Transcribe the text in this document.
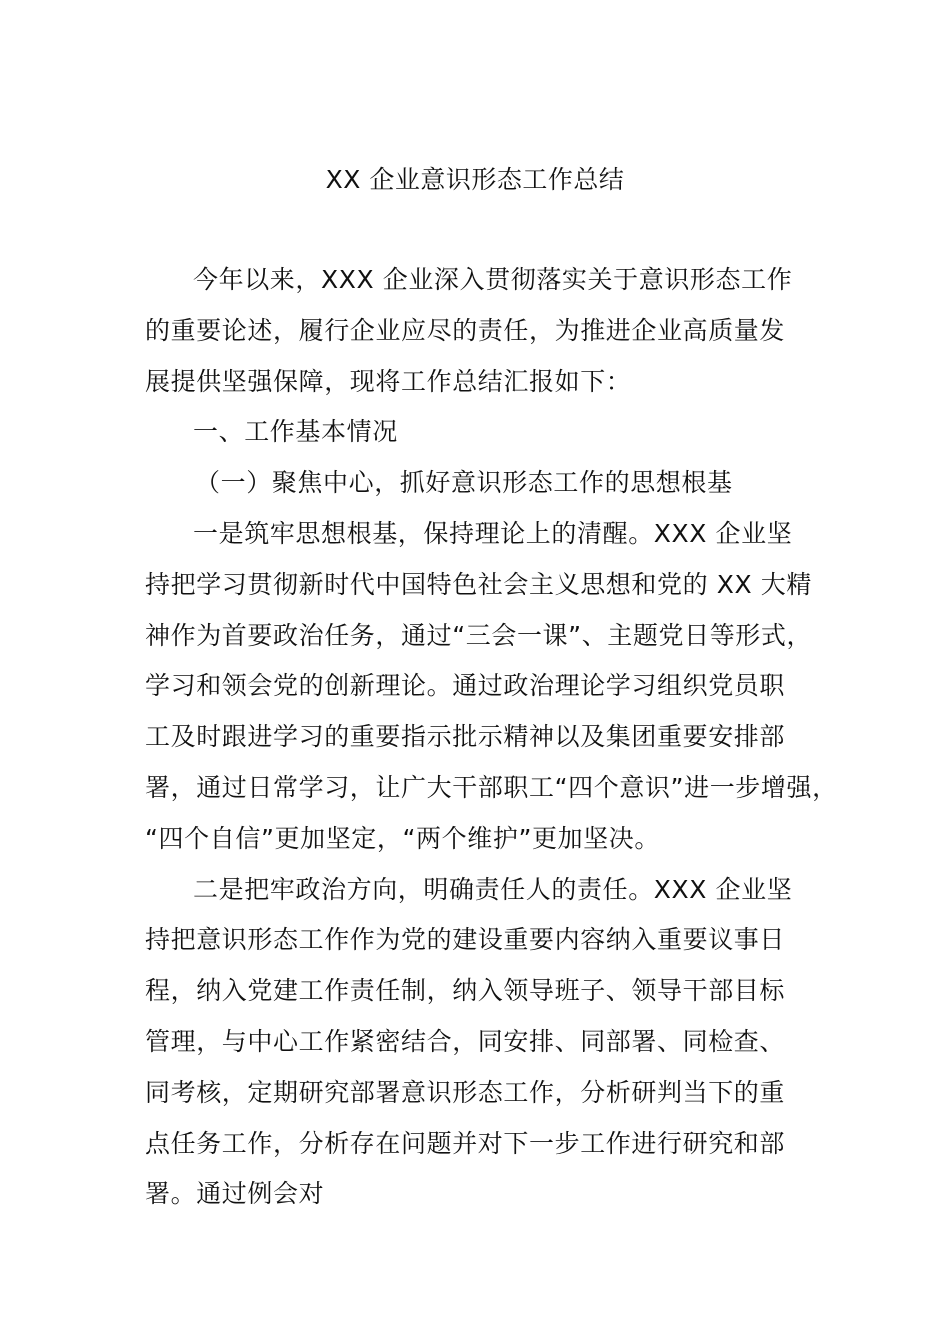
XX 企业意识形态工作总结
今年以来，XXX 企业深入贯彻落实关于意识形态工作
的重要论述，履行企业应尽的责任，为推进企业高质量发
展提供坚强保障，现将工作总结汇报如下：
一、工作基本情况
（一）聚焦中心，抓好意识形态工作的思想根基
一是筑牢思想根基，保持理论上的清醒。XXX 企业坚
持把学习贯彻新时代中国特色社会主义思想和党的 XX 大精
神作为首要政治任务，通过“三会一课”、主题党日等形式，
学习和领会党的创新理论。通过政治理论学习组织党员职
工及时跟进学习的重要指示批示精神以及集团重要安排部
署，通过日常学习，让广大干部职工“四个意识”进一步增强，
“四个自信”更加坚定，“两个维护”更加坚决。
二是把牢政治方向，明确责任人的责任。XXX 企业坚
持把意识形态工作作为党的建设重要内容纳入重要议事日
程，纳入党建工作责任制，纳入领导班子、领导干部目标
管理，与中心工作紧密结合，同安排、同部署、同检查、
同考核，定期研究部署意识形态工作，分析研判当下的重
点任务工作，分析存在问题并对下一步工作进行研究和部
署。通过例会对
